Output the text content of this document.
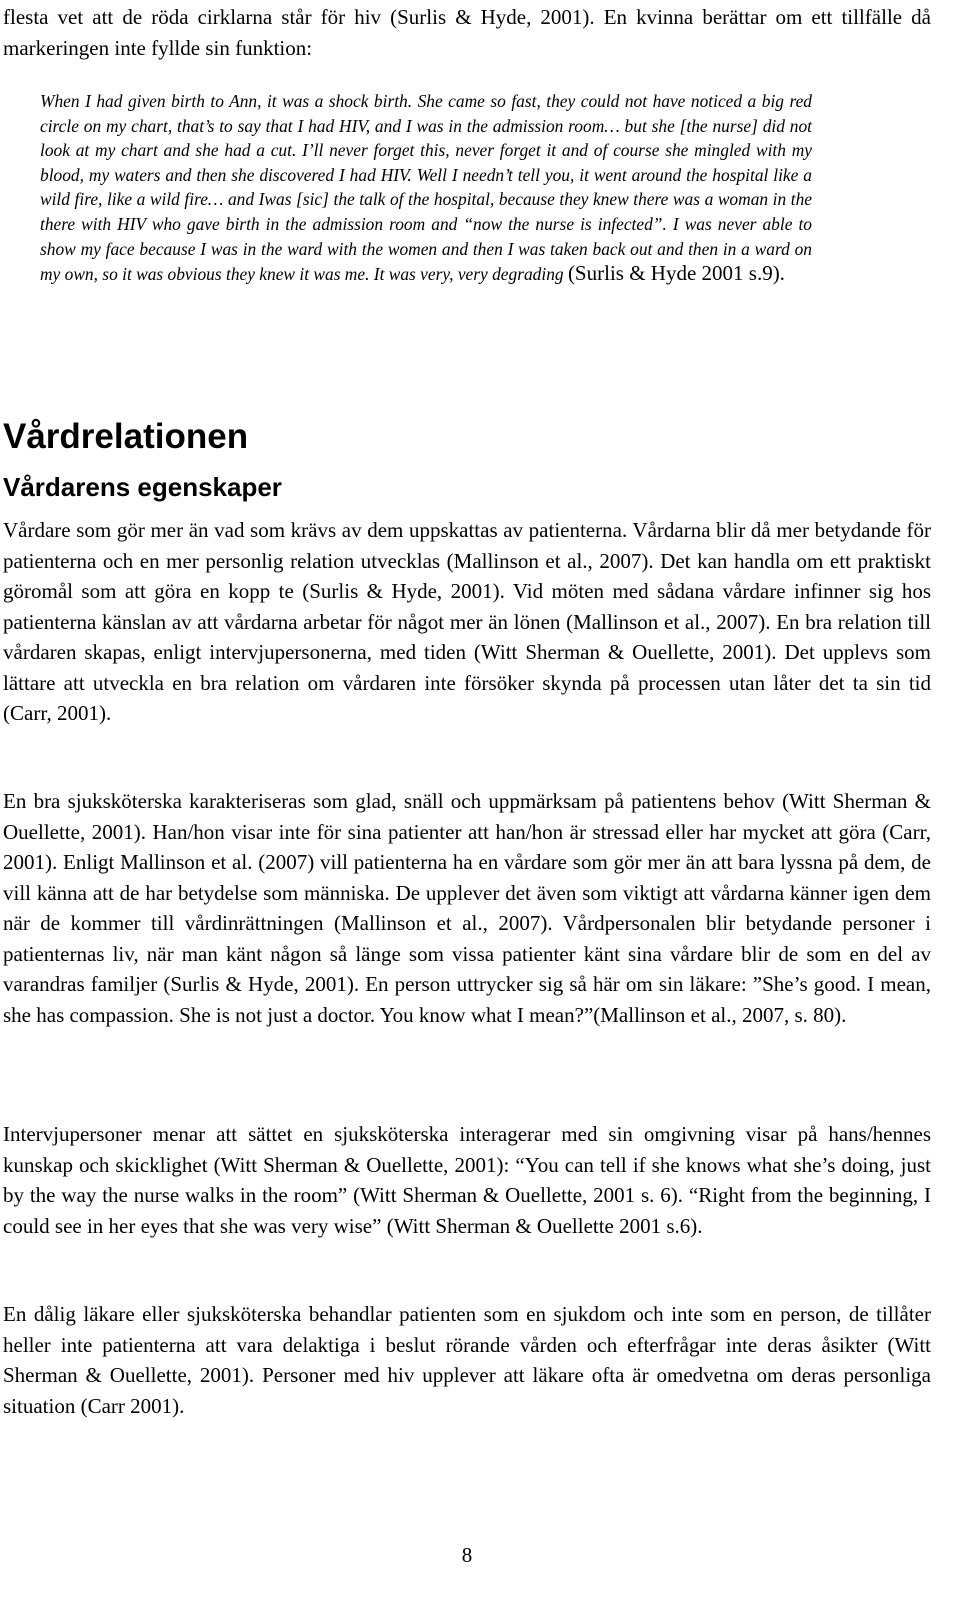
flesta vet att de röda cirklarna står för hiv (Surlis & Hyde, 2001). En kvinna berättar om ett tillfälle då markeringen inte fyllde sin funktion:

When I had given birth to Ann, it was a shock birth. She came so fast, they could not have noticed a big red circle on my chart, that’s to say that I had HIV, and I was in the admission room… but she [the nurse] did not look at my chart and she had a cut. I’ll never forget this, never forget it and of course she mingled with my blood, my waters and then she discovered I had HIV. Well I needn’t tell you, it went around the hospital like a wild fire, like a wild fire… and Iwas [sic] the talk of the hospital, because they knew there was a woman in the there with HIV who gave birth in the admission room and “now the nurse is infected”. I was never able to show my face because I was in the ward with the women and then I was taken back out and then in a ward on my own, so it was obvious they knew it was me. It was very, very degrading (Surlis & Hyde 2001 s.9).
Vårdrelationen
Vårdarens egenskaper

Vårdare som gör mer än vad som krävs av dem uppskattas av patienterna. Vårdarna blir då mer betydande för patienterna och en mer personlig relation utvecklas (Mallinson et al., 2007). Det kan handla om ett praktiskt göromål som att göra en kopp te (Surlis & Hyde, 2001). Vid möten med sådana vårdare infinner sig hos patienterna känslan av att vårdarna arbetar för något mer än lönen (Mallinson et al., 2007). En bra relation till vårdaren skapas, enligt intervjupersonerna, med tiden (Witt Sherman & Ouellette, 2001). Det upplevs som lättare att utveckla en bra relation om vårdaren inte försöker skynda på processen utan låter det ta sin tid (Carr, 2001).

En bra sjuksköterska karakteriseras som glad, snäll och uppmärksam på patientens behov (Witt Sherman & Ouellette, 2001). Han/hon visar inte för sina patienter att han/hon är stressad eller har mycket att göra (Carr, 2001). Enligt Mallinson et al. (2007) vill patienterna ha en vårdare som gör mer än att bara lyssna på dem, de vill känna att de har betydelse som människa. De upplever det även som viktigt att vårdarna känner igen dem när de kommer till vårdinrättningen (Mallinson et al., 2007). Vårdpersonalen blir betydande personer i patienternas liv, när man känt någon så länge som vissa patienter känt sina vårdare blir de som en del av varandras familjer (Surlis & Hyde, 2001). En person uttrycker sig så här om sin läkare: ”She’s good. I mean, she has compassion. She is not just a doctor. You know what I mean?”(Mallinson et al., 2007, s. 80).

Intervjupersoner menar att sättet en sjuksköterska interagerar med sin omgivning visar på hans/hennes kunskap och skicklighet (Witt Sherman & Ouellette, 2001): “You can tell if she knows what she’s doing, just by the way the nurse walks in the room” (Witt Sherman & Ouellette, 2001 s. 6). “Right from the beginning, I could see in her eyes that she was very wise” (Witt Sherman & Ouellette 2001 s.6).

En dålig läkare eller sjuksköterska behandlar patienten som en sjukdom och inte som en person, de tillåter heller inte patienterna att vara delaktiga i beslut rörande vården och efterfrågar inte deras åsikter (Witt Sherman & Ouellette, 2001). Personer med hiv upplever att läkare ofta är omedvetna om deras personliga situation (Carr 2001).

8
